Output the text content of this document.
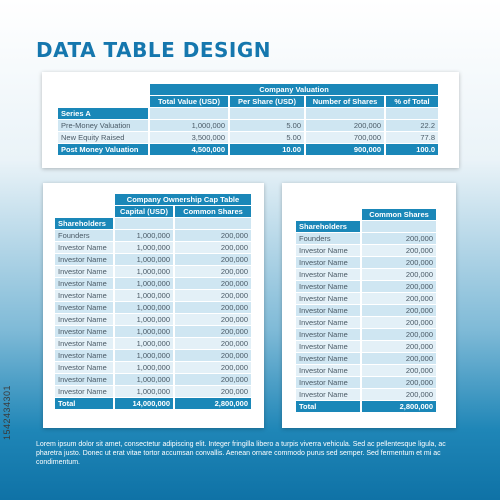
DATA TABLE DESIGN
	Company Valuation			
	Total Value (USD)	Per Share (USD)	Number of Shares	% of Total
Series A				
Pre-Money Valuation	1,000,000	5.00	200,000	22.2
New Equity Raised	3,500,000	5.00	700,000	77.8
Post Money Valuation	4,500,000	10.00	900,000	100.0
	Company Ownership Cap Table	
	Capital (USD)	Common Shares
Shareholders		
Founders	1,000,000	200,000
Investor Name	1,000,000	200,000
Investor Name	1,000,000	200,000
Investor Name	1,000,000	200,000
Investor Name	1,000,000	200,000
Investor Name	1,000,000	200,000
Investor Name	1,000,000	200,000
Investor Name	1,000,000	200,000
Investor Name	1,000,000	200,000
Investor Name	1,000,000	200,000
Investor Name	1,000,000	200,000
Investor Name	1,000,000	200,000
Investor Name	1,000,000	200,000
Investor Name	1,000,000	200,000
Total	14,000,000	2,800,000
	Common Shares
Shareholders	
Founders	200,000
Investor Name	200,000
Investor Name	200,000
Investor Name	200,000
Investor Name	200,000
Investor Name	200,000
Investor Name	200,000
Investor Name	200,000
Investor Name	200,000
Investor Name	200,000
Investor Name	200,000
Investor Name	200,000
Investor Name	200,000
Investor Name	200,000
Total	2,800,000
Lorem ipsum dolor sit amet, consectetur adipiscing elit. Integer fringilla libero a turpis viverra vehicula. Sed ac pellentesque ligula, ac pharetra justo. Donec ut erat vitae tortor accumsan convallis. Aenean ornare commodo purus sed semper. Sed fermentum et mi ac condimentum.
1542434301
